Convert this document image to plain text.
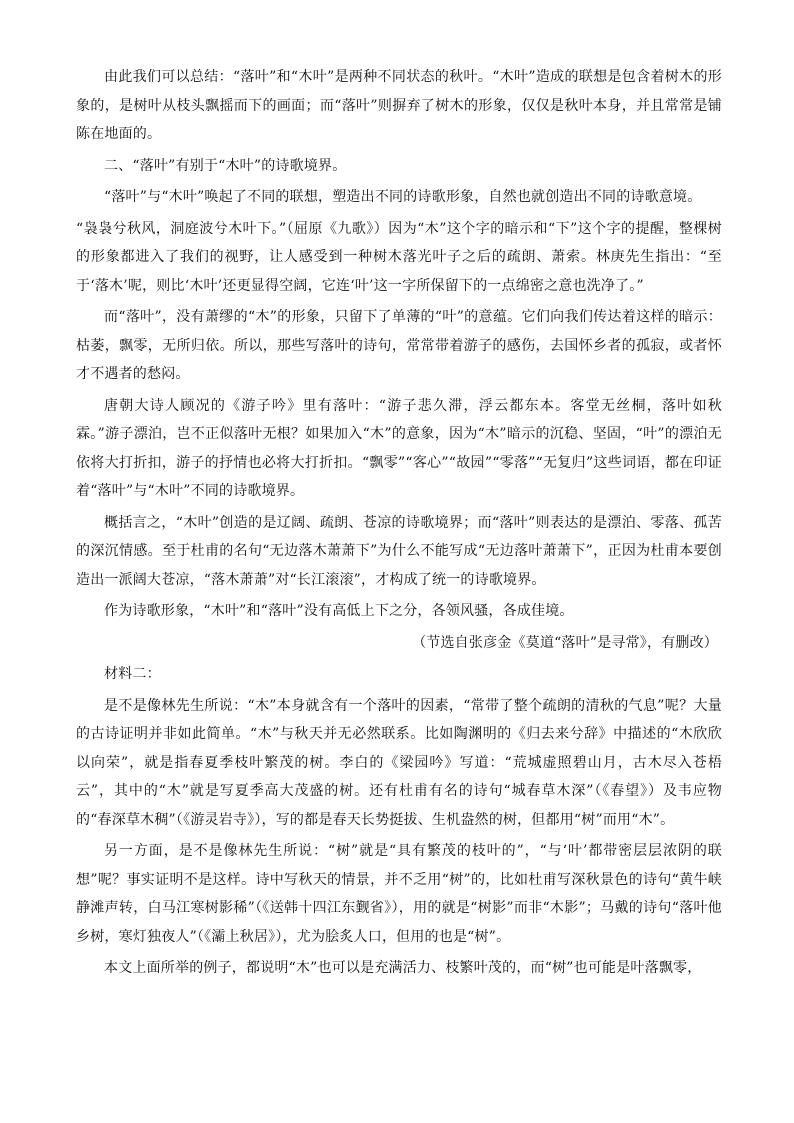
由此我们可以总结：“落叶”和“木叶”是两种不同状态的秋叶。“木叶”造成的联想是包含着树木的形象的，是树叶从枝头飘摇而下的画面；而“落叶”则摒弃了树木的形象，仅仅是秋叶本身，并且常常是铺陈在地面的。

二、“落叶”有别于“木叶”的诗歌境界。

“落叶”与“木叶”唤起了不同的联想，塑造出不同的诗歌形象，自然也就创造出不同的诗歌意境。

“袅袅兮秋风，洞庭波兮木叶下。”（屈原《九歌》）因为“木”这个字的暗示和“下”这个字的提醒，整棵树的形象都进入了我们的视野，让人感受到一种树木落光叶子之后的疏朗、萧索。林庚先生指出：“至于‘落木’呢，则比‘木叶’还更显得空阔，它连‘叶’这一字所保留下的一点绵密之意也洗净了。”

而“落叶”，没有萧缪的“木”的形象，只留下了单薄的“叶”的意蕴。它们向我们传达着这样的暗示：枯萎，飘零，无所归依。所以，那些写落叶的诗句，常常带着游子的感伤，去国怀乡者的孤寂，或者怀才不遇者的愁闷。

唐朝大诗人顾况的《游子吟》里有落叶：“游子悲久滞，浮云都东本。客堂无丝桐，落叶如秋霖。”游子漂泊，岂不正似落叶无根？如果加入“木”的意象，因为“木”暗示的沉稳、坚固，“叶”的漂泊无依将大打折扣，游子的抒情也必将大打折扣。“飘零”“客心”“故园”“零落”“无复归”这些词语，都在印证着“落叶”与“木叶”不同的诗歌境界。

概括言之，“木叶”创造的是辽阔、疏朗、苍凉的诗歌境界；而“落叶”则表达的是漂泊、零落、孤苦的深沉情感。至于杜甫的名句“无边落木萧萧下”为什么不能写成“无边落叶萧萧下”，正因为杜甫本要创造出一派阔大苍凉，“落木萧萧”对“长江滚滚”，才构成了统一的诗歌境界。

作为诗歌形象，“木叶”和“落叶”没有高低上下之分，各领风骚，各成佳境。

（节选自张彦金《莫道“落叶”是寻常》，有删改）

材料二：

是不是像林先生所说：“木”本身就含有一个落叶的因素，“常带了整个疏朗的清秋的气息”呢？大量的古诗证明并非如此简单。“木”与秋天并无必然联系。比如陶渊明的《归去来兮辞》中描述的“木欣欣以向荣”，就是指春夏季枝叶繁茂的树。李白的《梁园吟》写道：“荒城虚照碧山月，古木尽入苍梧云”，其中的“木”就是写夏季高大茂盛的树。还有杜甫有名的诗句“城春草木深”（《春望》）及韦应物的“春深草木稠”（《游灵岩寺》），写的都是春天长势挺拔、生机盎然的树，但都用“树”而用“木”。

另一方面，是不是像林先生所说：“树”就是“具有繁茂的枝叶的”，“与‘叶’都带密层层浓阴的联想”呢？事实证明不是这样。诗中写秋天的情景，并不乏用“树”的，比如杜甫写深秋景色的诗句“黄牛峡静滩声转，白马江寒树影稀”（《送韩十四江东觐省》），用的就是“树影”而非“木影”；马戴的诗句“落叶他乡树，寒灯独夜人”（《灞上秋居》），尤为脍炙人口，但用的也是“树”。

本文上面所举的例子，都说明“木”也可以是充满活力、枝繁叶茂的，而“树”也可能是叶落飘零，
